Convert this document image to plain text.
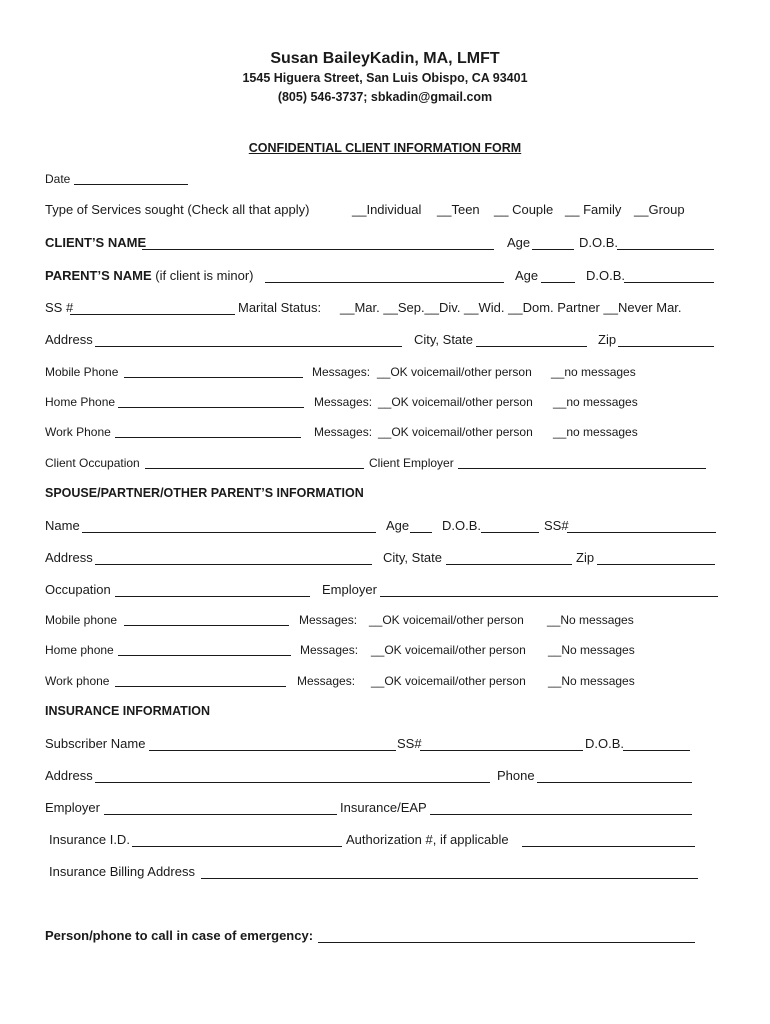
Susan BaileyKadin, MA, LMFT
1545 Higuera Street, San Luis Obispo, CA 93401
(805) 546-3737; sbkadin@gmail.com
CONFIDENTIAL CLIENT INFORMATION FORM
Date
Type of Services sought (Check all that apply)	__Individual __Teen __ Couple __ Family __Group
CLIENT’S NAME	Age	D.O.B.
PARENT’S NAME (if client is minor)	Age	D.O.B.
SS #	Marital Status: __Mar. __Sep.__Div. __Wid. __Dom. Partner __Never Mar.
Address	City, State	Zip
Mobile Phone	Messages: __OK voicemail/other person __no messages
Home Phone	Messages: __OK voicemail/other person __no messages
Work Phone	Messages: __OK voicemail/other person __no messages
Client Occupation	Client Employer
SPOUSE/PARTNER/OTHER PARENT’S INFORMATION
Name	Age	D.O.B.	SS#
Address	City, State	Zip
Occupation	Employer
Mobile phone	Messages: __OK voicemail/other person __No messages
Home phone	Messages: __OK voicemail/other person __No messages
Work phone	Messages: __OK voicemail/other person __No messages
INSURANCE INFORMATION
Subscriber Name	SS#	D.O.B.
Address	Phone
Employer	Insurance/EAP
Insurance I.D.	Authorization #, if applicable
Insurance Billing Address
Person/phone to call in case of emergency:
